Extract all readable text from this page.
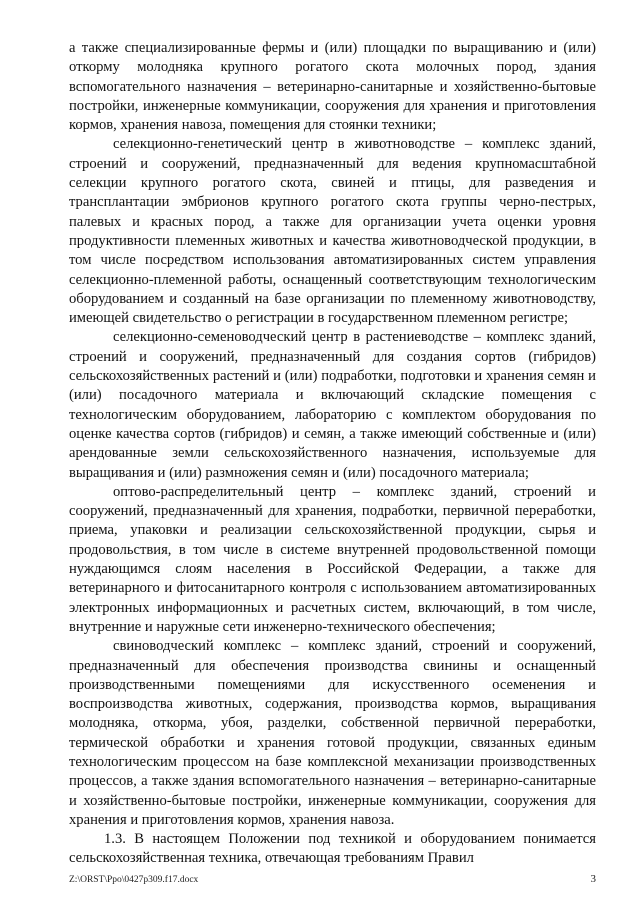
а также специализированные фермы и (или) площадки по выращиванию и (или) откорму молодняка крупного рогатого скота молочных пород, здания вспомогательного назначения – ветеринарно-санитарные и хозяйственно-бытовые постройки, инженерные коммуникации, сооружения для хранения и приготовления кормов, хранения навоза, помещения для стоянки техники;

селекционно-генетический центр в животноводстве – комплекс зданий, строений и сооружений, предназначенный для ведения крупномасштабной селекции крупного рогатого скота, свиней и птицы, для разведения и трансплантации эмбрионов крупного рогатого скота группы черно-пестрых, палевых и красных пород, а также для организации учета оценки уровня продуктивности племенных животных и качества животноводческой продукции, в том числе посредством использования автоматизированных систем управления селекционно-племенной работы, оснащенный соответствующим технологическим оборудованием и созданный на базе организации по племенному животноводству, имеющей свидетельство о регистрации в государственном племенном регистре;

селекционно-семеноводческий центр в растениеводстве – комплекс зданий, строений и сооружений, предназначенный для создания сортов (гибридов) сельскохозяйственных растений и (или) подработки, подготовки и хранения семян и (или) посадочного материала и включающий складские помещения с технологическим оборудованием, лабораторию с комплектом оборудования по оценке качества сортов (гибридов) и семян, а также имеющий собственные и (или) арендованные земли сельскохозяйственного назначения, используемые для выращивания и (или) размножения семян и (или) посадочного материала;

оптово-распределительный центр – комплекс зданий, строений и сооружений, предназначенный для хранения, подработки, первичной переработки, приема, упаковки и реализации сельскохозяйственной продукции, сырья и продовольствия, в том числе в системе внутренней продовольственной помощи нуждающимся слоям населения в Российской Федерации, а также для ветеринарного и фитосанитарного контроля с использованием автоматизированных электронных информационных и расчетных систем, включающий, в том числе, внутренние и наружные сети инженерно-технического обеспечения;

свиноводческий комплекс – комплекс зданий, строений и сооружений, предназначенный для обеспечения производства свинины и оснащенный производственными помещениями для искусственного осеменения и воспроизводства животных, содержания, производства кормов, выращивания молодняка, откорма, убоя, разделки, собственной первичной переработки, термической обработки и хранения готовой продукции, связанных единым технологическим процессом на базе комплексной механизации производственных процессов, а также здания вспомогательного назначения – ветеринарно-санитарные и хозяйственно-бытовые постройки, инженерные коммуникации, сооружения для хранения и приготовления кормов, хранения навоза.

1.3. В настоящем Положении под техникой и оборудованием понимается сельскохозяйственная техника, отвечающая требованиям Правил

Z:\ORST\Ppo\0427p309.f17.docx	3
